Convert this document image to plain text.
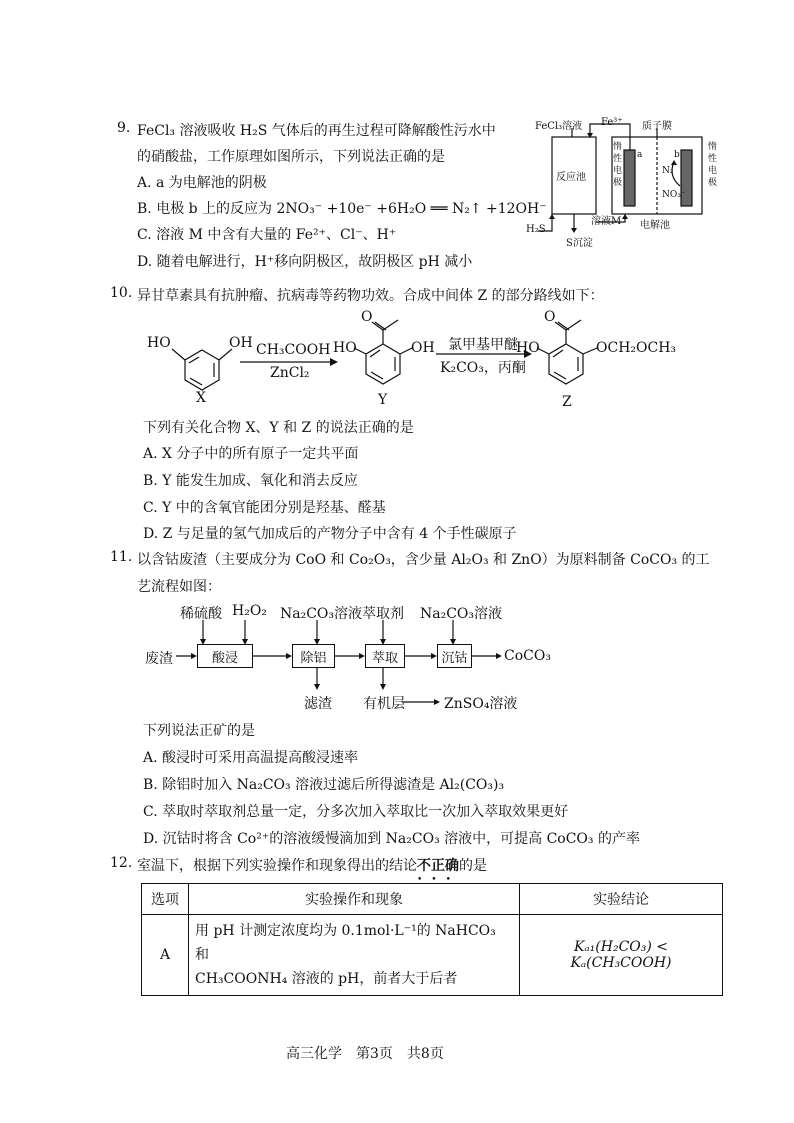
9. FeCl₃ 溶液吸收 H₂S 气体后的再生过程可降解酸性污水中
的硝酸盐，工作原理如图所示，下列说法正确的是
A. a 为电解池的阴极
B. 电极 b 上的反应为 2NO₃⁻ +10e⁻ +6H₂O ══ N₂↑ +12OH⁻
C. 溶液 M 中含有大量的 Fe²⁺、Cl⁻、H⁺
D. 随着电解进行，H⁺移向阴极区，故阴极区 pH 减小
FeCl₃溶液 Fe³⁺ 质子膜
反应池
惰
性
电
极
惰
性
电
极
a	b
N₂
NO₃⁻
H₂S
溶液M 电解池
S沉淀
10. 异甘草素具有抗肿瘤、抗病毒等药物功效。合成中间体 Z 的部分路线如下：
HO	OH
X
CH₃COOH
ZnCl₂
O
HO	OH
Y
氯甲基甲醚
K₂CO₃，丙酮
O
HO	OCH₂OCH₃
Z
下列有关化合物 X、Y 和 Z 的说法正确的是
A. X 分子中的所有原子一定共平面
B. Y 能发生加成、氧化和消去反应
C. Y 中的含氧官能团分别是羟基、醛基
D. Z 与足量的氢气加成后的产物分子中含有 4 个手性碳原子
11. 以含钴废渣（主要成分为 CoO 和 Co₂O₃，含少量 Al₂O₃ 和 ZnO）为原料制备 CoCO₃ 的工
艺流程如图：
稀硫酸 H₂O₂ Na₂CO₃溶液 萃取剂 Na₂CO₃溶液
废渣	酸浸	除铝	萃取	沉钴	CoCO₃
滤渣 有机层	ZnSO₄溶液
下列说法正矿的是
A. 酸浸时可采用高温提高酸浸速率
B. 除铝时加入 Na₂CO₃ 溶液过滤后所得滤渣是 Al₂(CO₃)₃
C. 萃取时萃取剂总量一定，分多次加入萃取比一次加入萃取效果更好
D. 沉钴时将含 Co²⁺的溶液缓慢滴加到 Na₂CO₃ 溶液中，可提高 CoCO₃ 的产率
12. 室温下，根据下列实验操作和现象得出的结论不正确
•••
的是
选项	实验操作和现象	实验结论
A	用 pH 计测定浓度均为 0.1mol·L⁻¹的 NaHCO₃ 和
CH₃COONH₄ 溶液的 pH，前者大于后者	Kₐ₁(H₂CO₃) < Kₐ(CH₃COOH)
高三化学　第3页　共8页
